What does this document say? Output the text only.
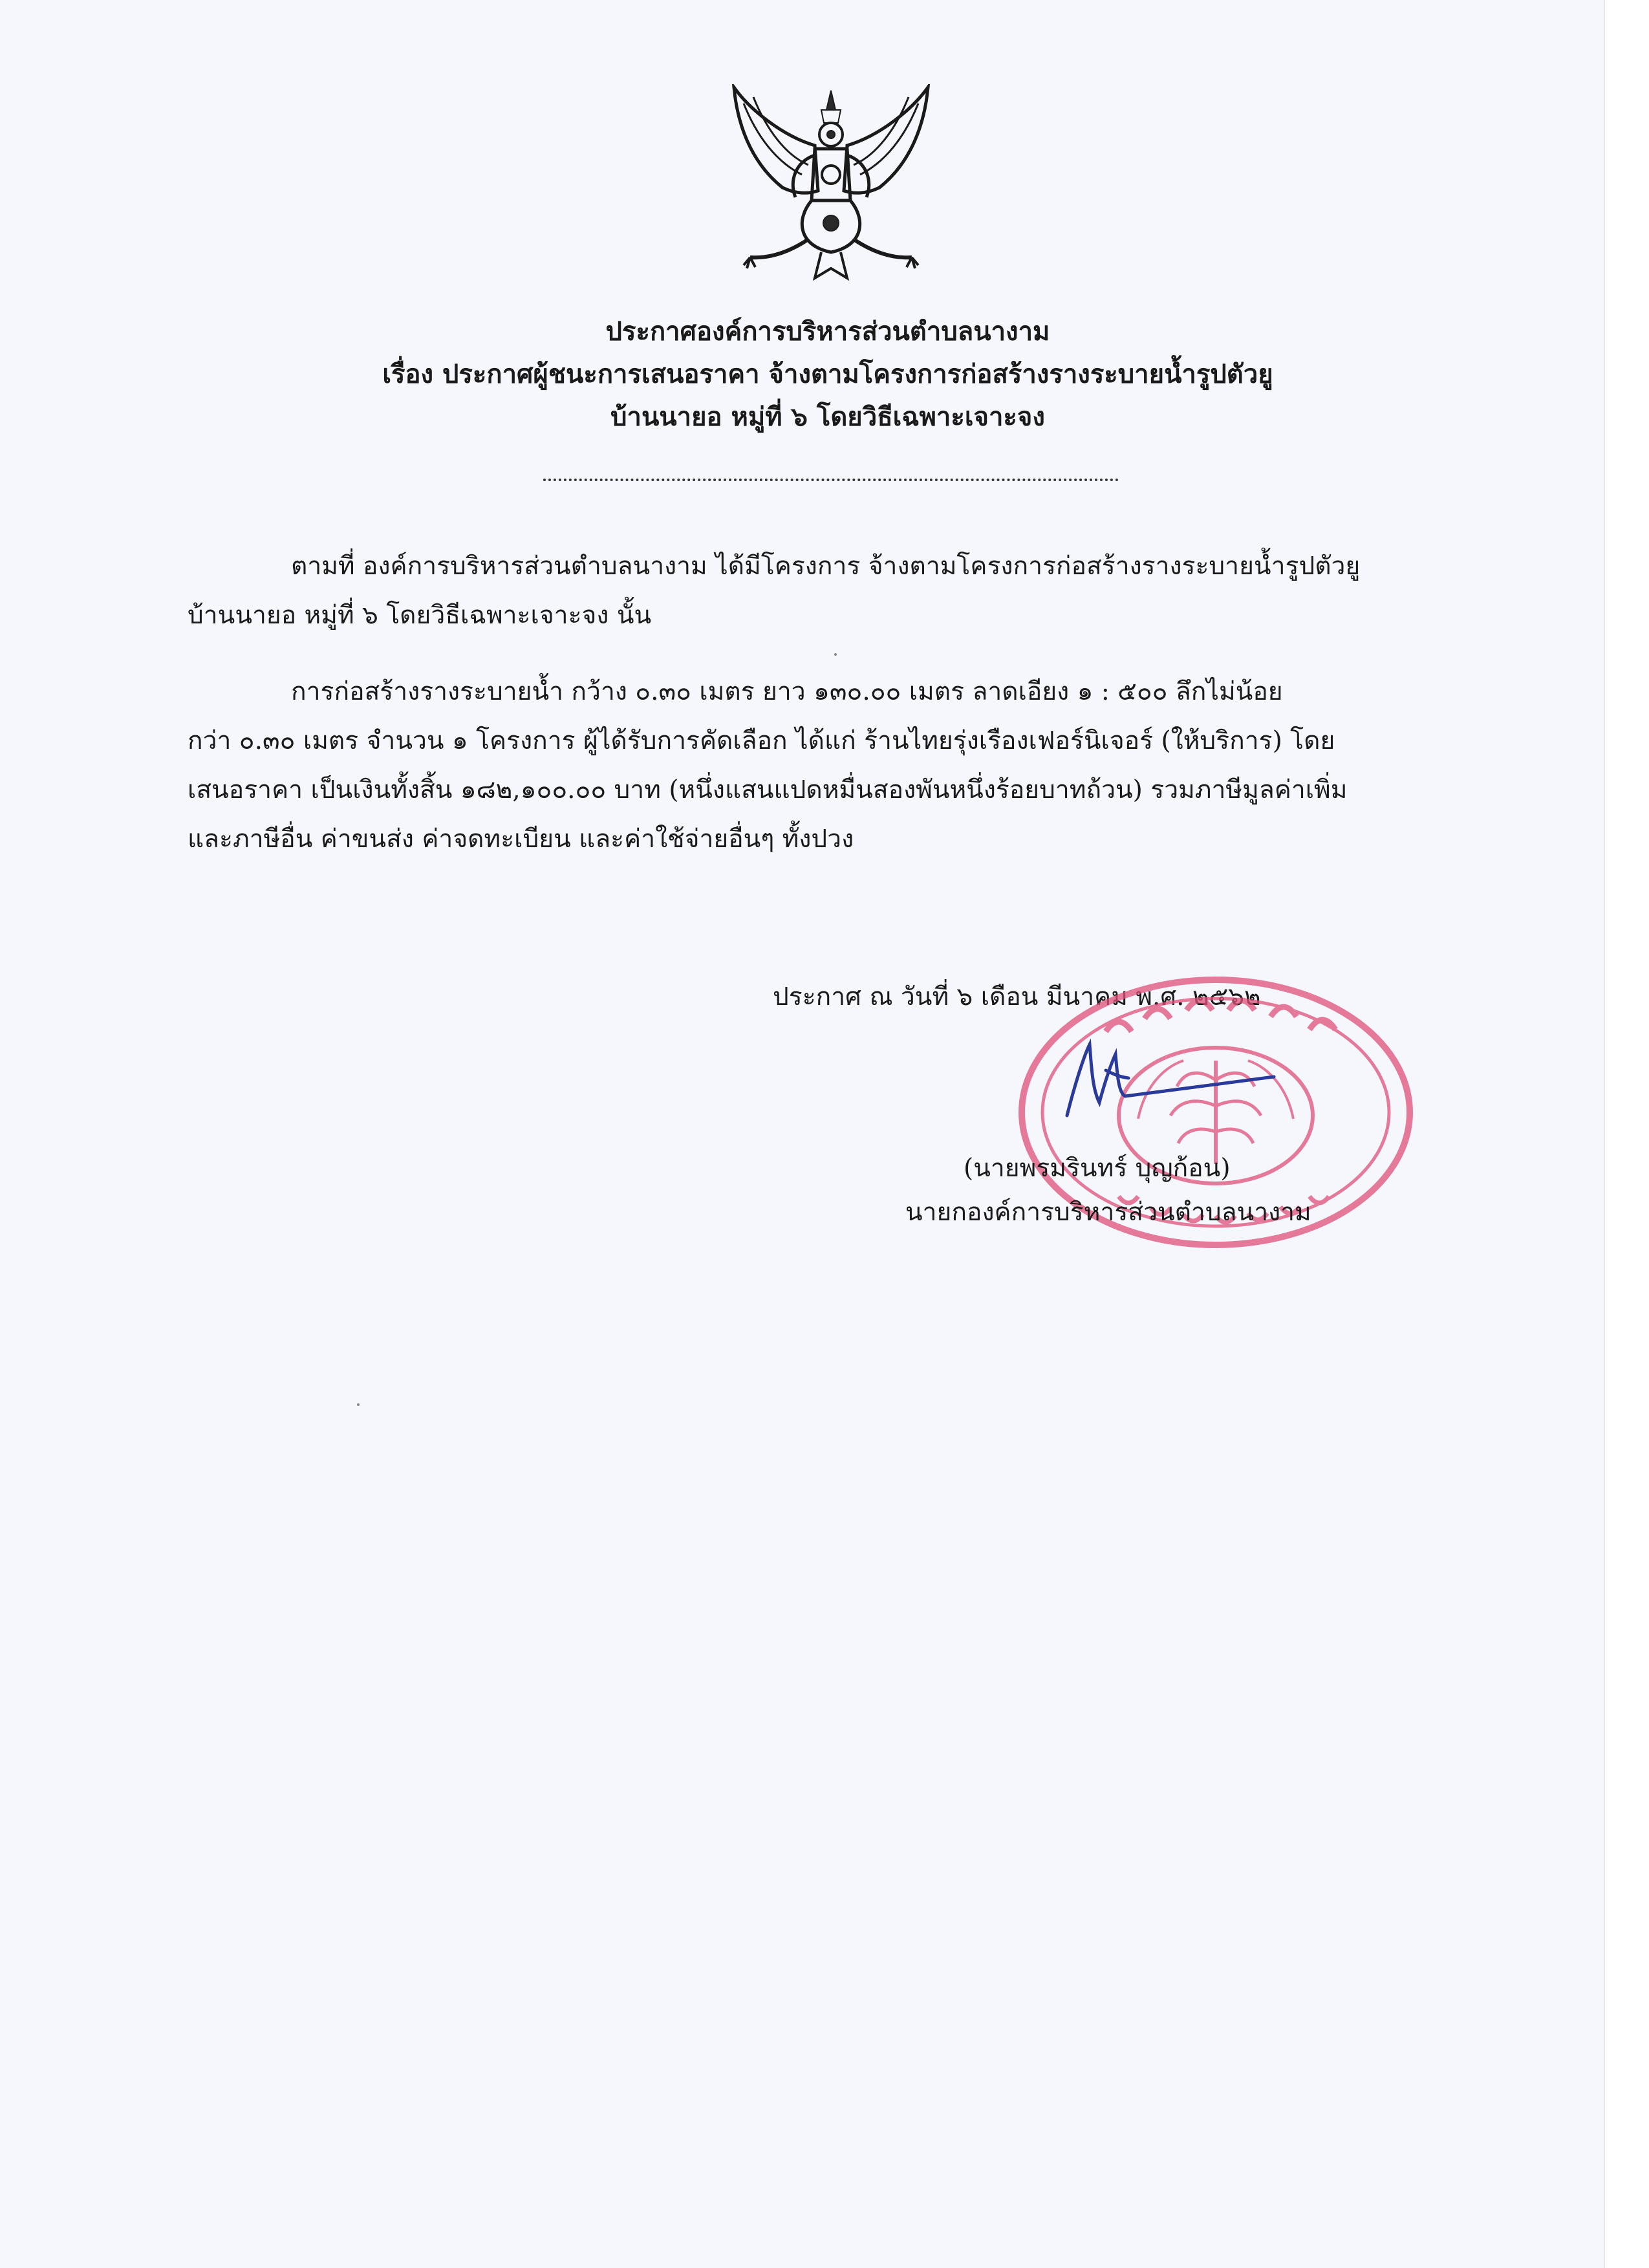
ประกาศองค์การบริหารส่วนตำบลนางาม
เรื่อง ประกาศผู้ชนะการเสนอราคา จ้างตามโครงการก่อสร้างรางระบายน้ำรูปตัวยู
บ้านนายอ หมู่ที่ ๖ โดยวิธีเฉพาะเจาะจง
ตามที่ องค์การบริหารส่วนตำบลนางาม ได้มีโครงการ จ้างตามโครงการก่อสร้างรางระบายน้ำรูปตัวยู
บ้านนายอ หมู่ที่ ๖ โดยวิธีเฉพาะเจาะจง นั้น
การก่อสร้างรางระบายน้ำ กว้าง ๐.๓๐ เมตร ยาว ๑๓๐.๐๐ เมตร ลาดเอียง ๑ : ๕๐๐ ลึกไม่น้อย
กว่า ๐.๓๐ เมตร จำนวน ๑ โครงการ ผู้ได้รับการคัดเลือก ได้แก่ ร้านไทยรุ่งเรืองเฟอร์นิเจอร์ (ให้บริการ) โดย
เสนอราคา เป็นเงินทั้งสิ้น ๑๘๒,๑๐๐.๐๐ บาท (หนึ่งแสนแปดหมื่นสองพันหนึ่งร้อยบาทถ้วน) รวมภาษีมูลค่าเพิ่ม
และภาษีอื่น ค่าขนส่ง ค่าจดทะเบียน และค่าใช้จ่ายอื่นๆ ทั้งปวง
ประกาศ ณ วันที่ ๖ เดือน มีนาคม พ.ศ. ๒๕๖๒
(นายพรมรินทร์ บุญก้อน)
นายกองค์การบริหารส่วนตำบลนางาม
